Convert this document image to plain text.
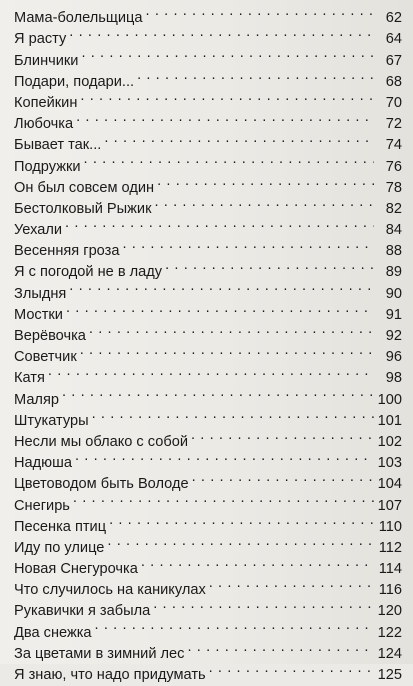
Мама-болельщица . . .	62
Я расту . . .	64
Блинчики . . .	67
Подари, подари... . . .	68
Копейкин . . .	70
Любочка . . .	72
Бывает так... . . .	74
Подружки . . .	76
Он был совсем один . . .	78
Бестолковый Рыжик . . .	82
Уехали . . .	84
Весенняя гроза . . .	88
Я с погодой не в ладу . . .	89
Злыдня . . .	90
Мостки . . .	91
Верёвочка . . .	92
Советчик . . .	96
Катя . . .	98
Маляр . . .	100
Штукатуры . . .	101
Несли мы облако с собой . . .	102
Надюша . . .	103
Цветоводом быть Володе . . .	104
Снегирь . . .	107
Песенка птиц . . .	110
Иду по улице . . .	112
Новая Снегурочка . . .	114
Что случилось на каникулах . . .	116
Рукавички я забыла . . .	120
Два снежка . . .	122
За цветами в зимний лес . . .	124
Я знаю, что надо придумать . . .	125
